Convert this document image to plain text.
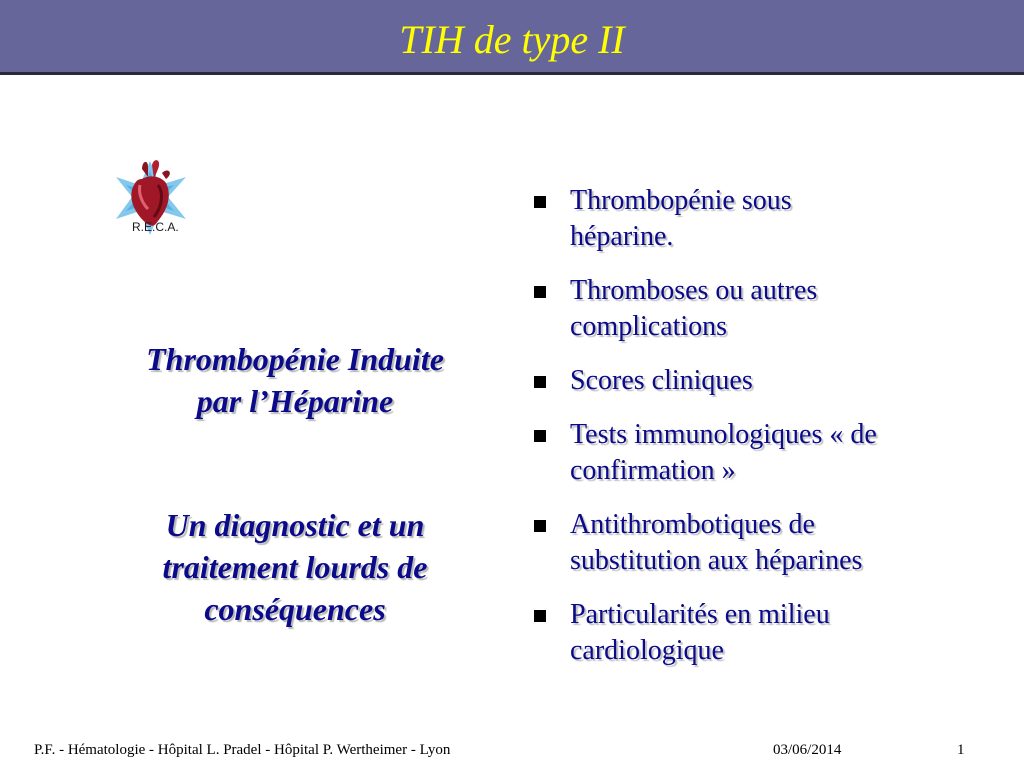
TIH de type II
R.E.C.A.
Thrombopénie Induite
par l’Héparine
Un diagnostic et un
traitement lourds de
conséquences
Thrombopénie sous
héparine.
Thromboses ou autres
complications
Scores cliniques
Tests immunologiques « de
confirmation »
Antithrombotiques de
substitution aux héparines
Particularités en milieu
cardiologique
P.F. - Hématologie - Hôpital L. Pradel - Hôpital P. Wertheimer - Lyon	03/06/2014	1
